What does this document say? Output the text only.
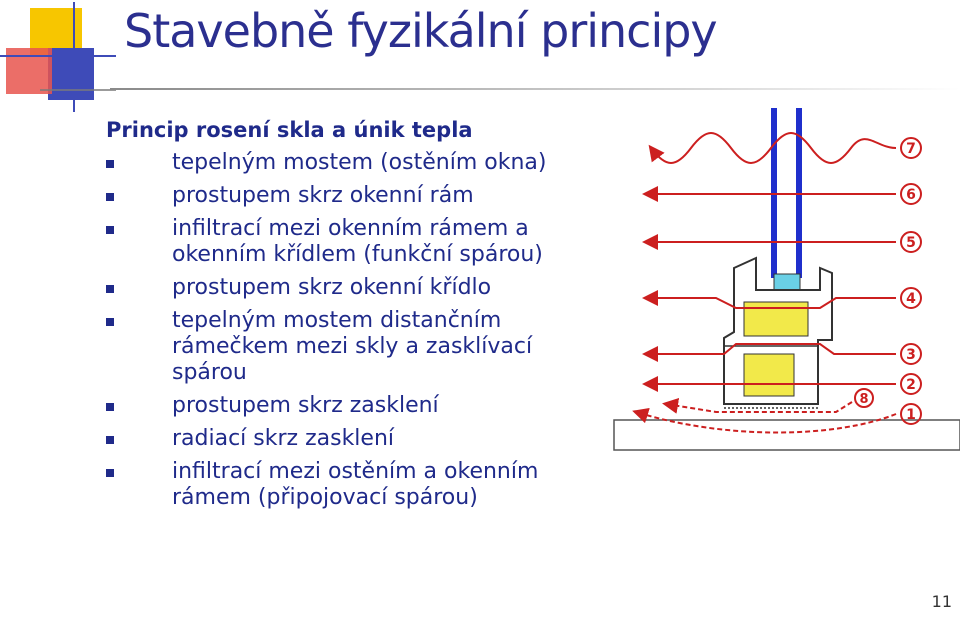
Stavebně fyzikální principy
Princip rosení skla a únik tepla
tepelným mostem (ostěním okna)
prostupem skrz okenní rám
infiltrací mezi okenním rámem a okenním křídlem (funkční spárou)
prostupem skrz okenní křídlo
tepelným mostem distančním rámečkem mezi skly a zasklívací spárou
prostupem skrz zasklení
radiací skrz zasklení
infiltrací mezi ostěním a okenním rámem (připojovací spárou)
7
6
5
4
3
2
8
1
11
